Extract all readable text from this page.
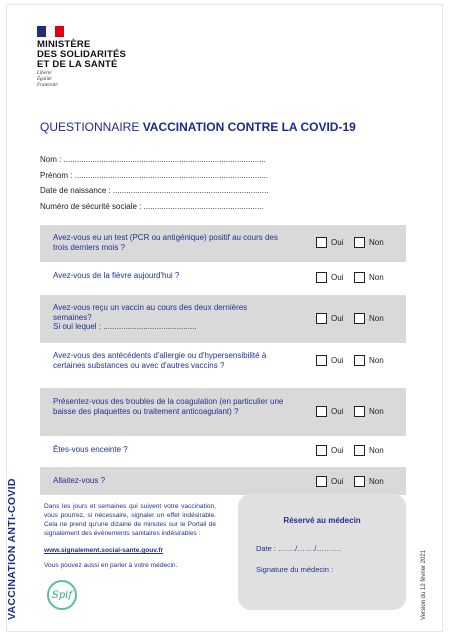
MINISTÈRE
DES SOLIDARITÉS
ET DE LA SANTÉ
Liberté
Égalité
Fraternité
QUESTIONNAIRE VACCINATION CONTRE LA COVID-19
Nom : ...........................................................................................
Prénom : .......................................................................................
Date de naissance : ......................................................................
Numéro de sécurité sociale : ......................................................
Avez-vous eu un test (PCR ou antigénique) positif au cours des trois derniers mois ?	Oui	Non
Avez-vous de la fièvre aujourd'hui ?	Oui	Non
Avez-vous reçu un vaccin au cours des deux dernières semaines?
Si oui lequel : ..........................................
Oui	Non
Avez-vous des antécédents d'allergie ou d'hypersensibilité à certaines substances ou avec d'autres vaccins ?	Oui	Non
Présentez-vous des troubles de la coagulation (en particulier une baisse des plaquettes ou traitement anticoagulant) ?	Oui	Non
Êtes-vous enceinte ?	Oui	Non
Allaitez-vous ?	Oui	Non
Dans les jours et semaines qui suivent votre vaccination, vous pourrez, si nécessaire, signaler un effet indésirable. Cela ne prend qu'une dizaine de minutes sur le Portail de signalement des événements sanitaires indésirables :
www.signalement.social-sante.gouv.fr
Vous pouvez aussi en parler à votre médecin.
Spif
Réservé au médecin
Date : ……./……./……….
Signature du médecin :
VACCINATION ANTI-COVID	Version du 12 février 2021
